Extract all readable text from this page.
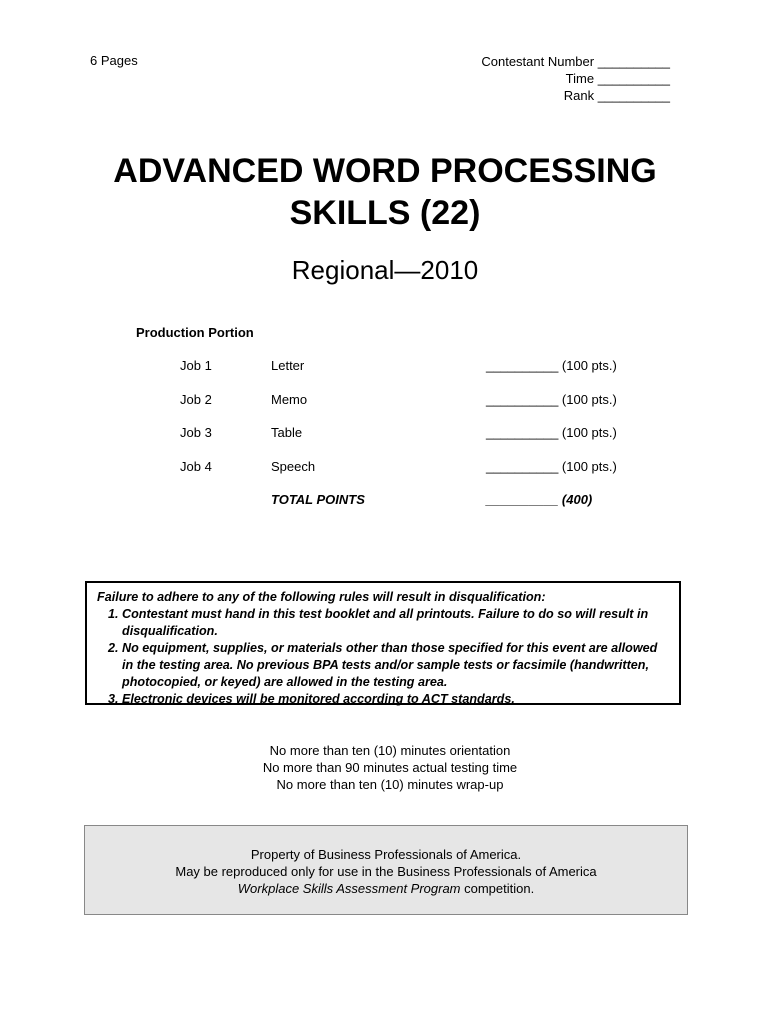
6 Pages	Contestant Number __________
Time __________
Rank __________
ADVANCED WORD PROCESSING
SKILLS (22)
Regional—2010
Production Portion
Job 1	Letter	__________ (100 pts.)
Job 2	Memo	__________ (100 pts.)
Job 3	Table	__________ (100 pts.)
Job 4	Speech	__________ (100 pts.)
TOTAL POINTS	__________ (400)
Failure to adhere to any of the following rules will result in disqualification:
1. Contestant must hand in this test booklet and all printouts. Failure to do so will result in disqualification.
2. No equipment, supplies, or materials other than those specified for this event are allowed in the testing area. No previous BPA tests and/or sample tests or facsimile (handwritten, photocopied, or keyed) are allowed in the testing area.
3. Electronic devices will be monitored according to ACT standards.
No more than ten (10) minutes orientation
No more than 90 minutes actual testing time
No more than ten (10) minutes wrap-up
Property of Business Professionals of America.
May be reproduced only for use in the Business Professionals of America
Workplace Skills Assessment Program competition.
